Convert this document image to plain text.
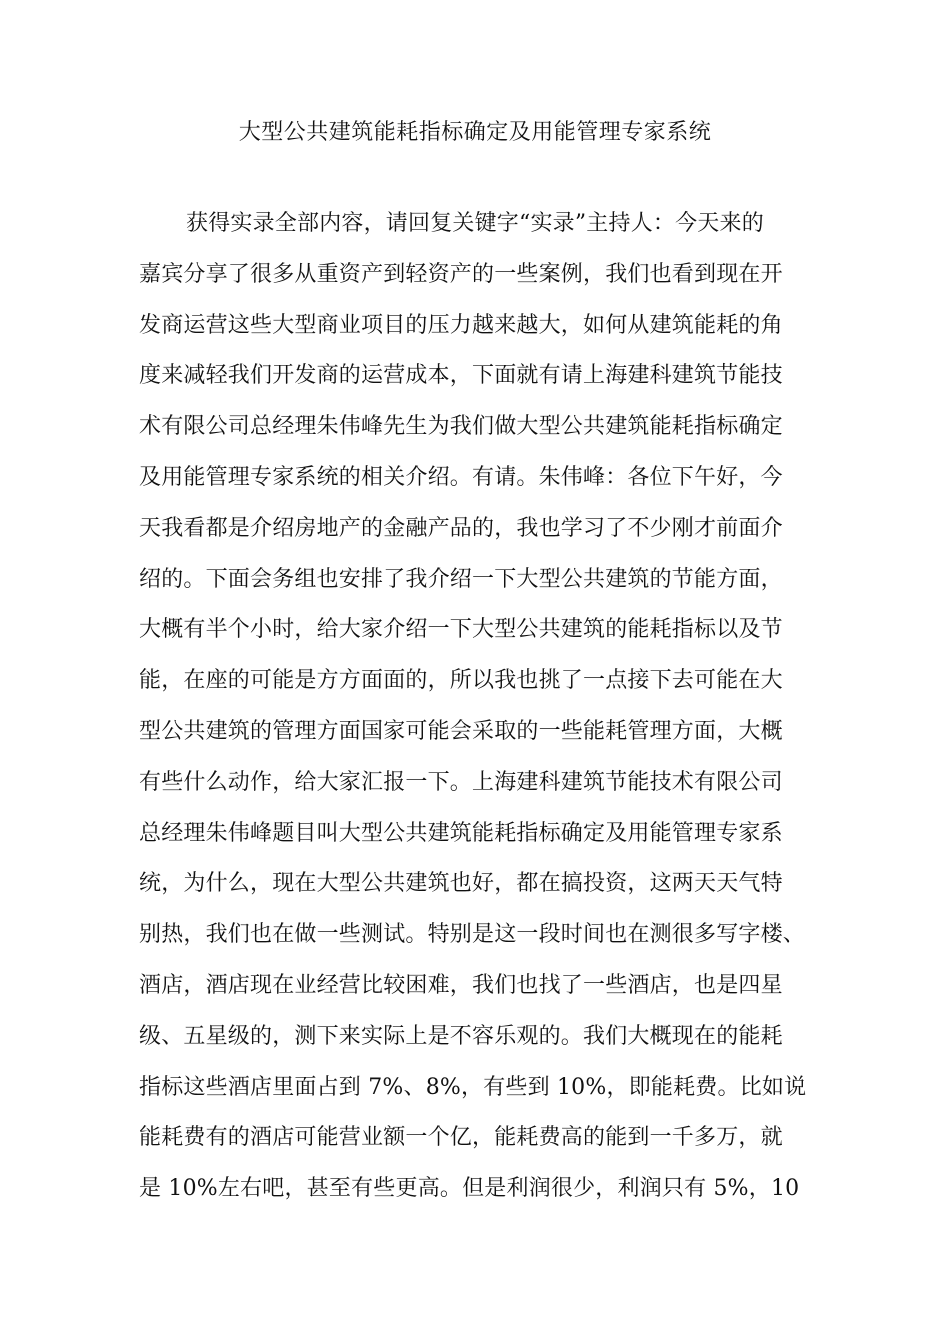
大型公共建筑能耗指标确定及用能管理专家系统
获得实录全部内容，请回复关键字“实录”主持人：今天来的
嘉宾分享了很多从重资产到轻资产的一些案例，我们也看到现在开
发商运营这些大型商业项目的压力越来越大，如何从建筑能耗的角
度来减轻我们开发商的运营成本，下面就有请上海建科建筑节能技
术有限公司总经理朱伟峰先生为我们做大型公共建筑能耗指标确定
及用能管理专家系统的相关介绍。有请。朱伟峰：各位下午好，今
天我看都是介绍房地产的金融产品的，我也学习了不少刚才前面介
绍的。下面会务组也安排了我介绍一下大型公共建筑的节能方面，
大概有半个小时，给大家介绍一下大型公共建筑的能耗指标以及节
能，在座的可能是方方面面的，所以我也挑了一点接下去可能在大
型公共建筑的管理方面国家可能会采取的一些能耗管理方面，大概
有些什么动作，给大家汇报一下。上海建科建筑节能技术有限公司
总经理朱伟峰题目叫大型公共建筑能耗指标确定及用能管理专家系
统，为什么，现在大型公共建筑也好，都在搞投资，这两天天气特
别热，我们也在做一些测试。特别是这一段时间也在测很多写字楼、
酒店，酒店现在业经营比较困难，我们也找了一些酒店，也是四星
级、五星级的，测下来实际上是不容乐观的。我们大概现在的能耗
指标这些酒店里面占到 7%、8%，有些到 10%，即能耗费。比如说
能耗费有的酒店可能营业额一个亿，能耗费高的能到一千多万，就
是 10%左右吧，甚至有些更高。但是利润很少，利润只有 5%，10
